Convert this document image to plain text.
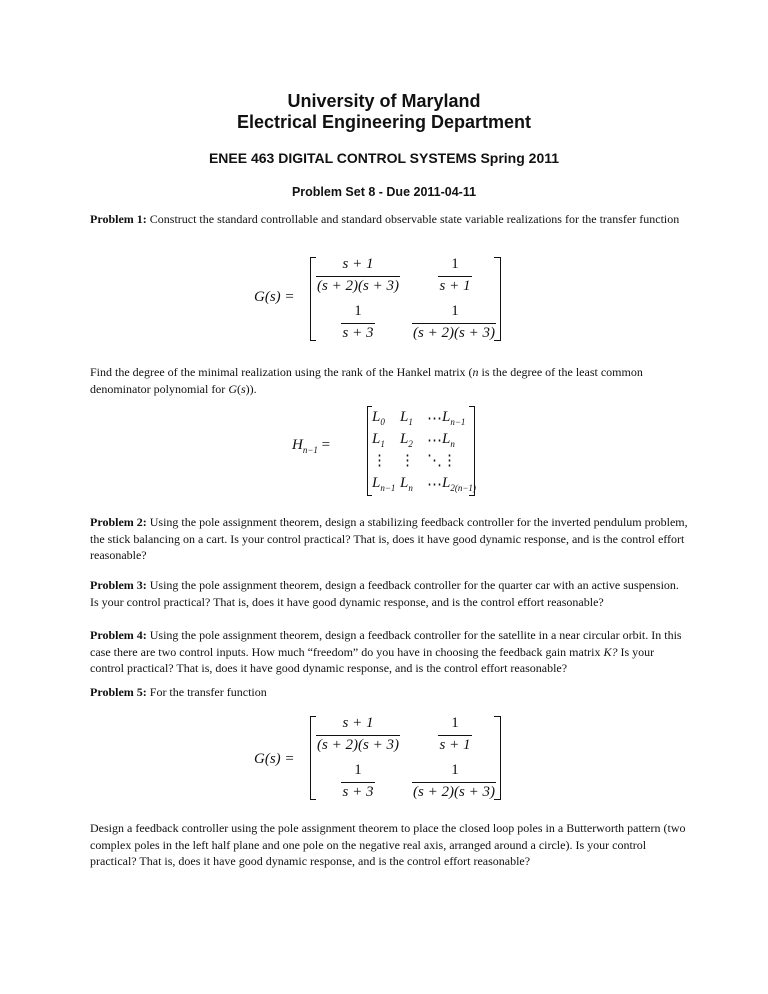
University of Maryland
Electrical Engineering Department
ENEE 463 DIGITAL CONTROL SYSTEMS Spring 2011
Problem Set 8 - Due 2011-04-11
Problem 1: Construct the standard controllable and standard observable state variable realizations for the transfer function
G(s) =
s + 1
(s + 2)(s + 3)
1
s + 1
1
s + 3
1
(s + 2)(s + 3)
Find the degree of the minimal realization using the rank of the Hankel matrix (n is the degree of the least common denominator polynomial for G(s)).
$H_{n-1}$ =
$L_0$ $L_1$ ⋯ $L_{n-1}$
$L_1$ $L_2$ ⋯ $L_n$
⋮ ⋮ ⋱ ⋮
$L_{n-1}$ $L_n$ ⋯ $L_{2(n-1)}$
Problem 2: Using the pole assignment theorem, design a stabilizing feedback controller for the inverted pendulum problem, the stick balancing on a cart. Is your control practical? That is, does it have good dynamic response, and is the control effort reasonable?
Problem 3: Using the pole assignment theorem, design a feedback controller for the quarter car with an active suspension. Is your control practical? That is, does it have good dynamic response, and is the control effort reasonable?
Problem 4: Using the pole assignment theorem, design a feedback controller for the satellite in a near circular orbit. In this case there are two control inputs. How much “freedom” do you have in choosing the feedback gain matrix K? Is your control practical? That is, does it have good dynamic response, and is the control effort reasonable?
Problem 5: For the transfer function
G(s) =
s + 1
(s + 2)(s + 3)
1
s + 1
1
s + 3
1
(s + 2)(s + 3)
Design a feedback controller using the pole assignment theorem to place the closed loop poles in a Butterworth pattern (two complex poles in the left half plane and one pole on the negative real axis, arranged around a circle). Is your control practical? That is, does it have good dynamic response, and is the control effort reasonable?
